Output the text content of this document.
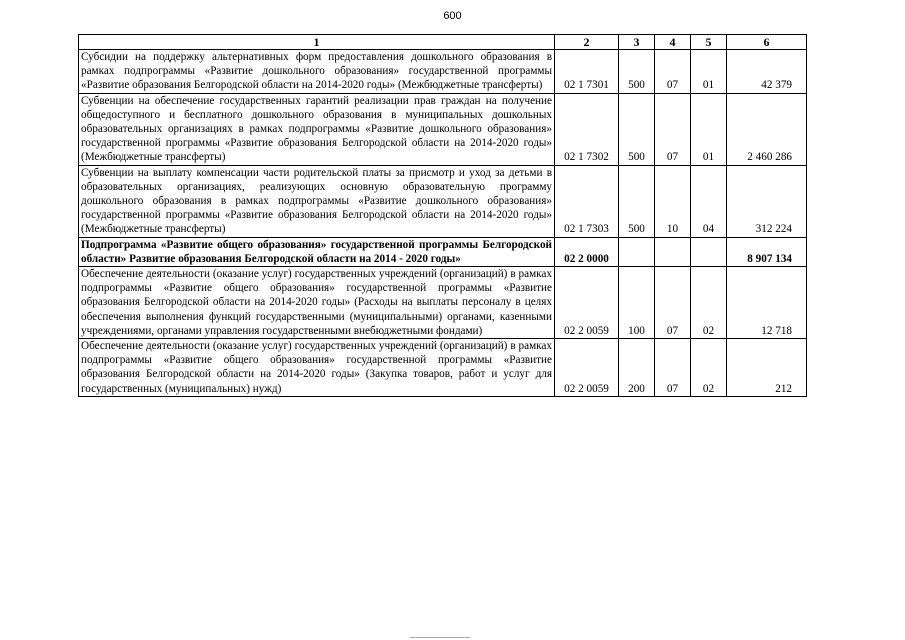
600
1	2	3	4	5	6
Субсидии на поддержку альтернативных форм предоставления дошкольного образования в рамках подпрограммы «Развитие дошкольного образования» государственной программы «Развитие образования Белгородской области на 2014-2020 годы» (Межбюджетные трансферты)	02 1 7301	500	07	01	42 379
Субвенции на обеспечение государственных гарантий реализации прав граждан на получение общедоступного и бесплатного дошкольного образования в муниципальных дошкольных образовательных организациях в рамках подпрограммы «Развитие дошкольного образования» государственной программы «Развитие образования Белгородской области на 2014-2020 годы» (Межбюджетные трансферты)	02 1 7302	500	07	01	2 460 286
Субвенции на выплату компенсации части родительской платы за присмотр и уход за детьми в образовательных организациях, реализующих основную образовательную программу дошкольного образования в рамках подпрограммы «Развитие дошкольного образования» государственной программы «Развитие образования Белгородской области на 2014-2020 годы» (Межбюджетные трансферты)	02 1 7303	500	10	04	312 224
Подпрограмма «Развитие общего образования» государственной программы Белгородской области» Развитие образования Белгородской области на 2014 - 2020 годы»	02 2 0000				8 907 134
Обеспечение деятельности (оказание услуг) государственных учреждений (организаций) в рамках подпрограммы «Развитие общего образования» государственной программы «Развитие образования Белгородской области на 2014-2020 годы» (Расходы на выплаты персоналу в целях обеспечения выполнения функций государственными (муниципальными) органами, казенными учреждениями, органами управления государственными внебюджетными фондами)	02 2 0059	100	07	02	12 718
Обеспечение деятельности (оказание услуг) государственных учреждений (организаций) в рамках подпрограммы «Развитие общего образования» государственной программы «Развитие образования Белгородской области на 2014-2020 годы» (Закупка товаров, работ и услуг для государственных (муниципальных) нужд)	02 2 0059	200	07	02	212
